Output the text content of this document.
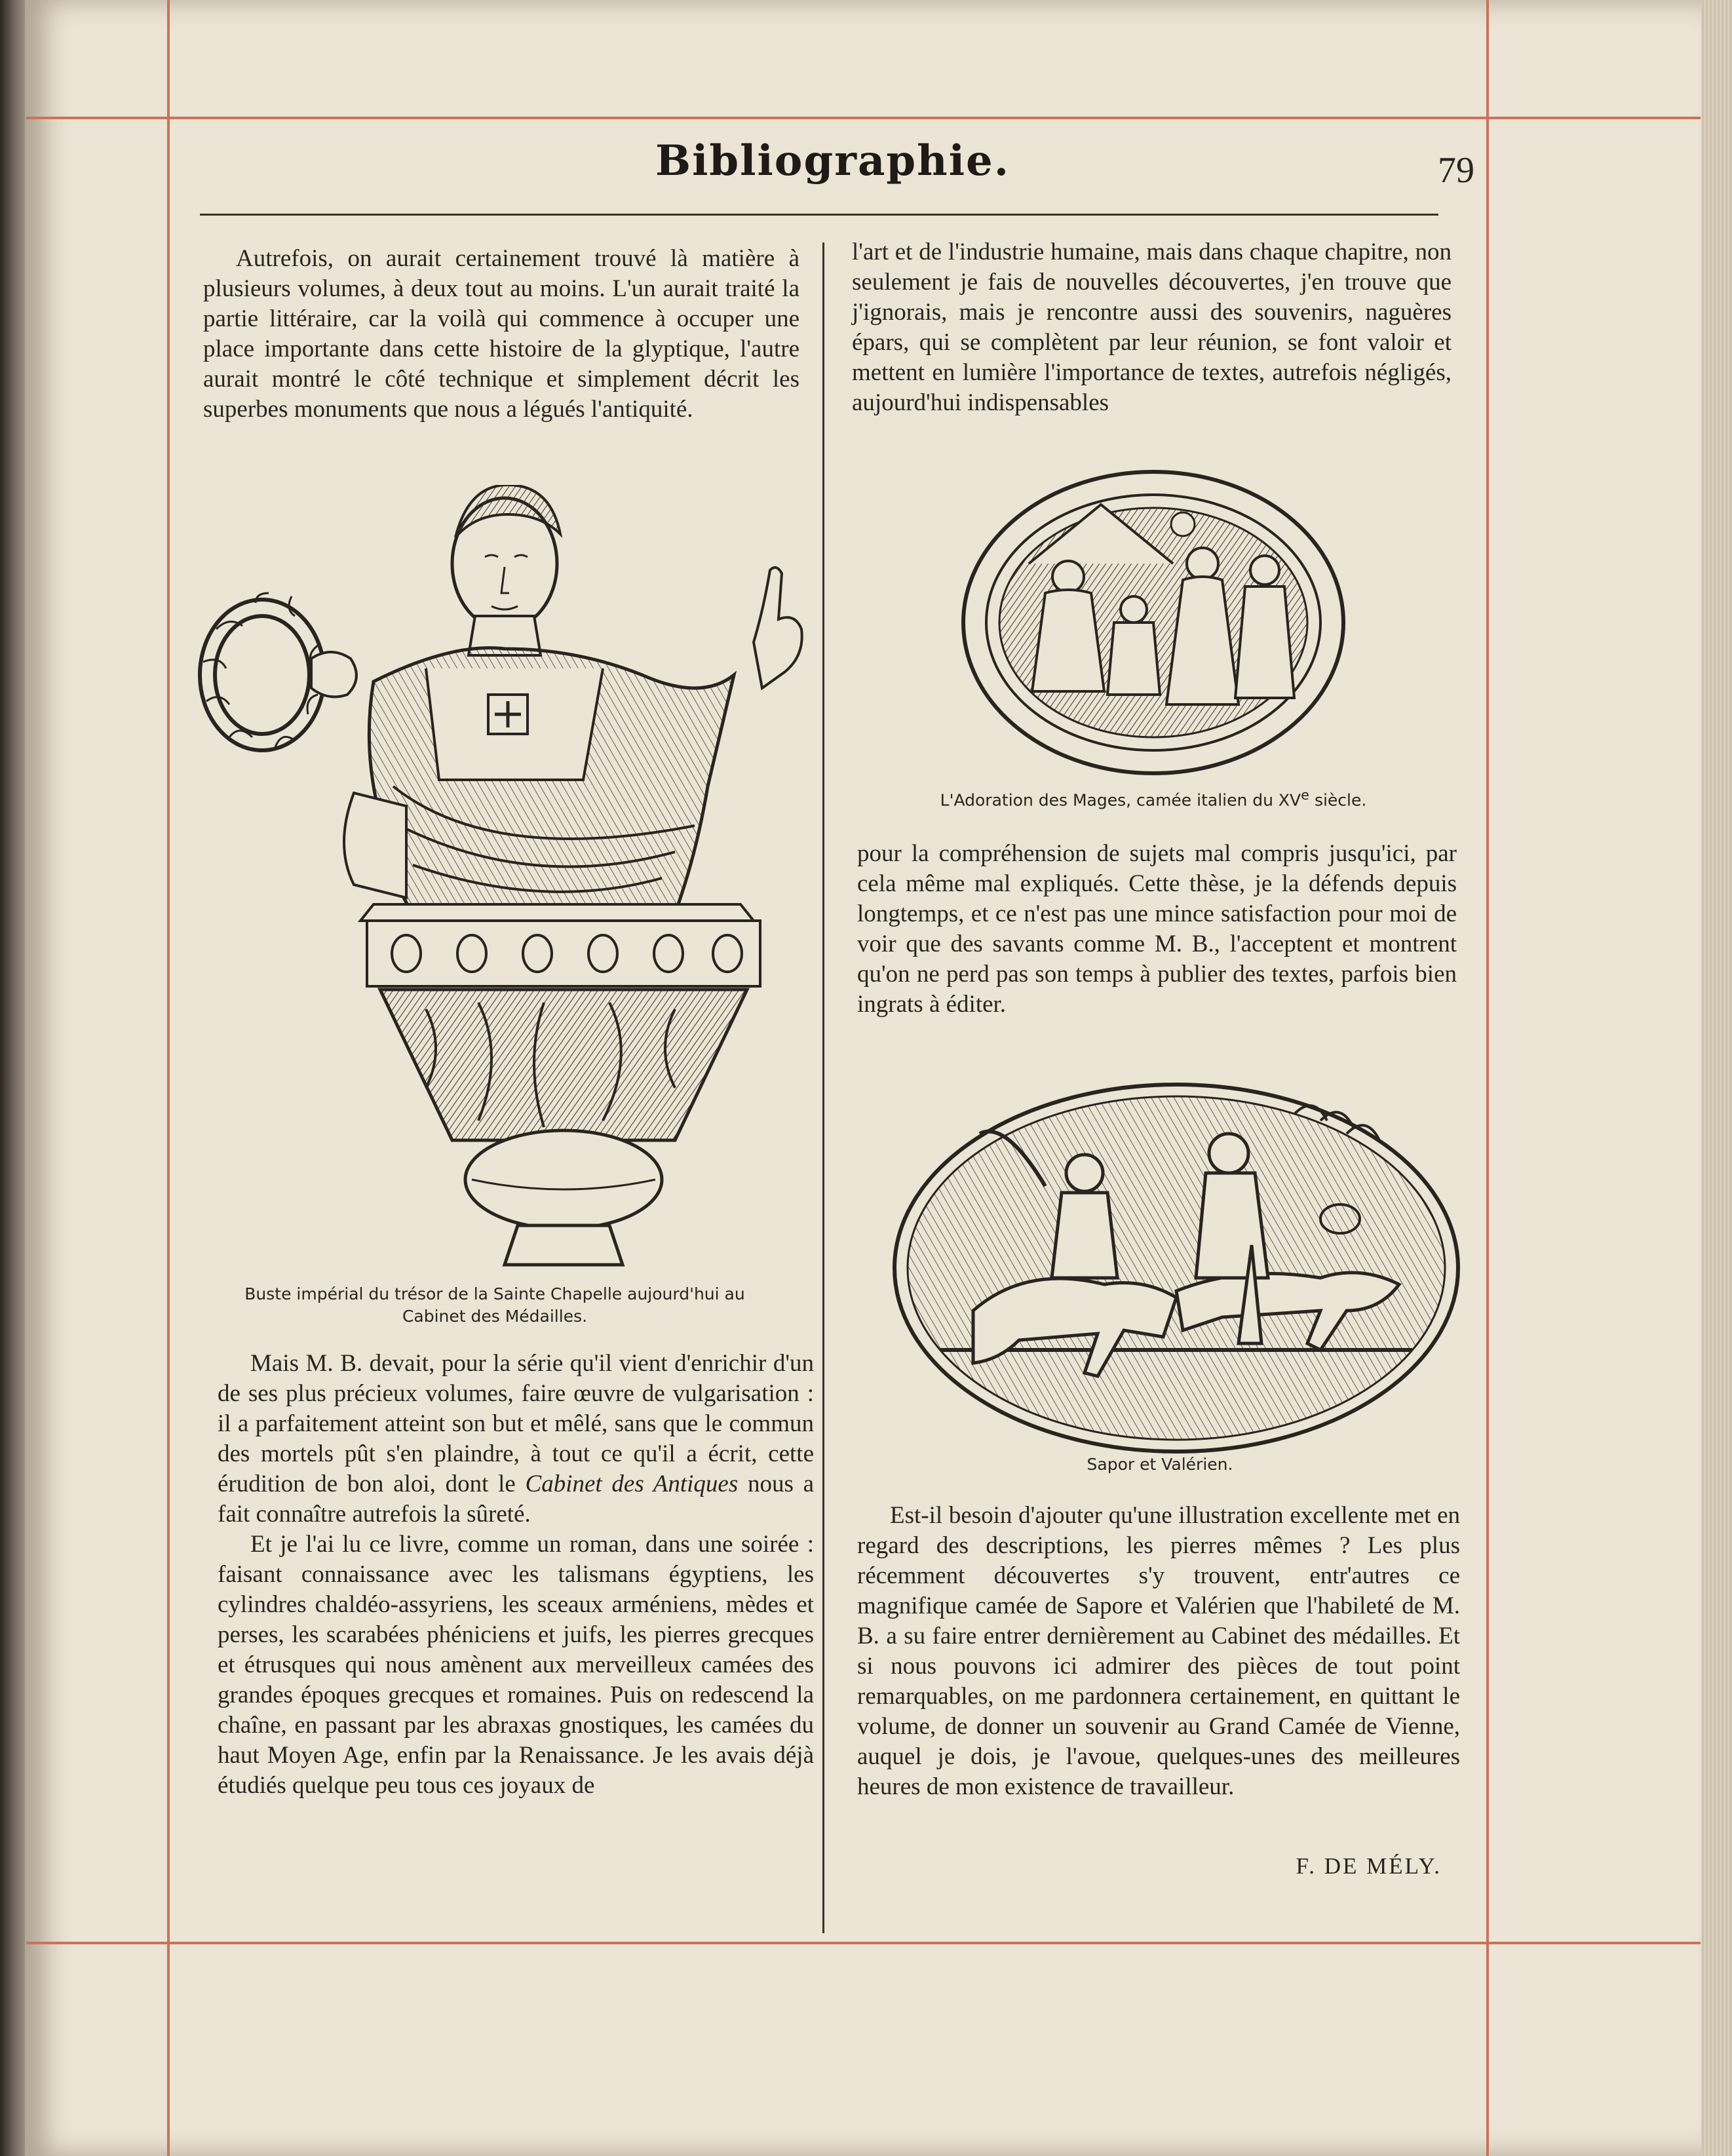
Bibliographie.	79

Autrefois, on aurait certainement trouvé là matière à plusieurs volumes, à deux tout au moins. L'un aurait traité la partie littéraire, car la voilà qui commence à occuper une place importante dans cette histoire de la glyptique, l'autre aurait montré le côté technique et simplement décrit les superbes monuments que nous a légués l'antiquité.

Buste impérial du trésor de la Sainte Chapelle aujourd'hui au Cabinet des Médailles.

Mais M. B. devait, pour la série qu'il vient d'enrichir d'un de ses plus précieux volumes, faire œuvre de vulgarisation : il a parfaitement atteint son but et mêlé, sans que le commun des mortels pût s'en plaindre, à tout ce qu'il a écrit, cette érudition de bon aloi, dont le Cabinet des Antiques nous a fait connaître autrefois la sûreté.

Et je l'ai lu ce livre, comme un roman, dans une soirée : faisant connaissance avec les talismans égyptiens, les cylindres chaldéo-assyriens, les sceaux arméniens, mèdes et perses, les scarabées phéniciens et juifs, les pierres grecques et étrusques qui nous amènent aux merveilleux camées des grandes époques grecques et romaines. Puis on redescend la chaîne, en passant par les abraxas gnostiques, les camées du haut Moyen Age, enfin par la Renaissance. Je les avais déjà étudiés quelque peu tous ces joyaux de

l'art et de l'industrie humaine, mais dans chaque chapitre, non seulement je fais de nouvelles découvertes, j'en trouve que j'ignorais, mais je rencontre aussi des souvenirs, naguères épars, qui se complètent par leur réunion, se font valoir et mettent en lumière l'importance de textes, autrefois négligés, aujourd'hui indispensables

L'Adoration des Mages, camée italien du XVe siècle.

pour la compréhension de sujets mal compris jusqu'ici, par cela même mal expliqués. Cette thèse, je la défends depuis longtemps, et ce n'est pas une mince satisfaction pour moi de voir que des savants comme M. B., l'acceptent et montrent qu'on ne perd pas son temps à publier des textes, parfois bien ingrats à éditer.

Sapor et Valérien.

Est-il besoin d'ajouter qu'une illustration excellente met en regard des descriptions, les pierres mêmes ? Les plus récemment découvertes s'y trouvent, entr'autres ce magnifique camée de Sapore et Valérien que l'habileté de M. B. a su faire entrer dernièrement au Cabinet des médailles. Et si nous pouvons ici admirer des pièces de tout point remarquables, on me pardonnera certainement, en quittant le volume, de donner un souvenir au Grand Camée de Vienne, auquel je dois, je l'avoue, quelques-unes des meilleures heures de mon existence de travailleur.

F. DE MÉLY.
